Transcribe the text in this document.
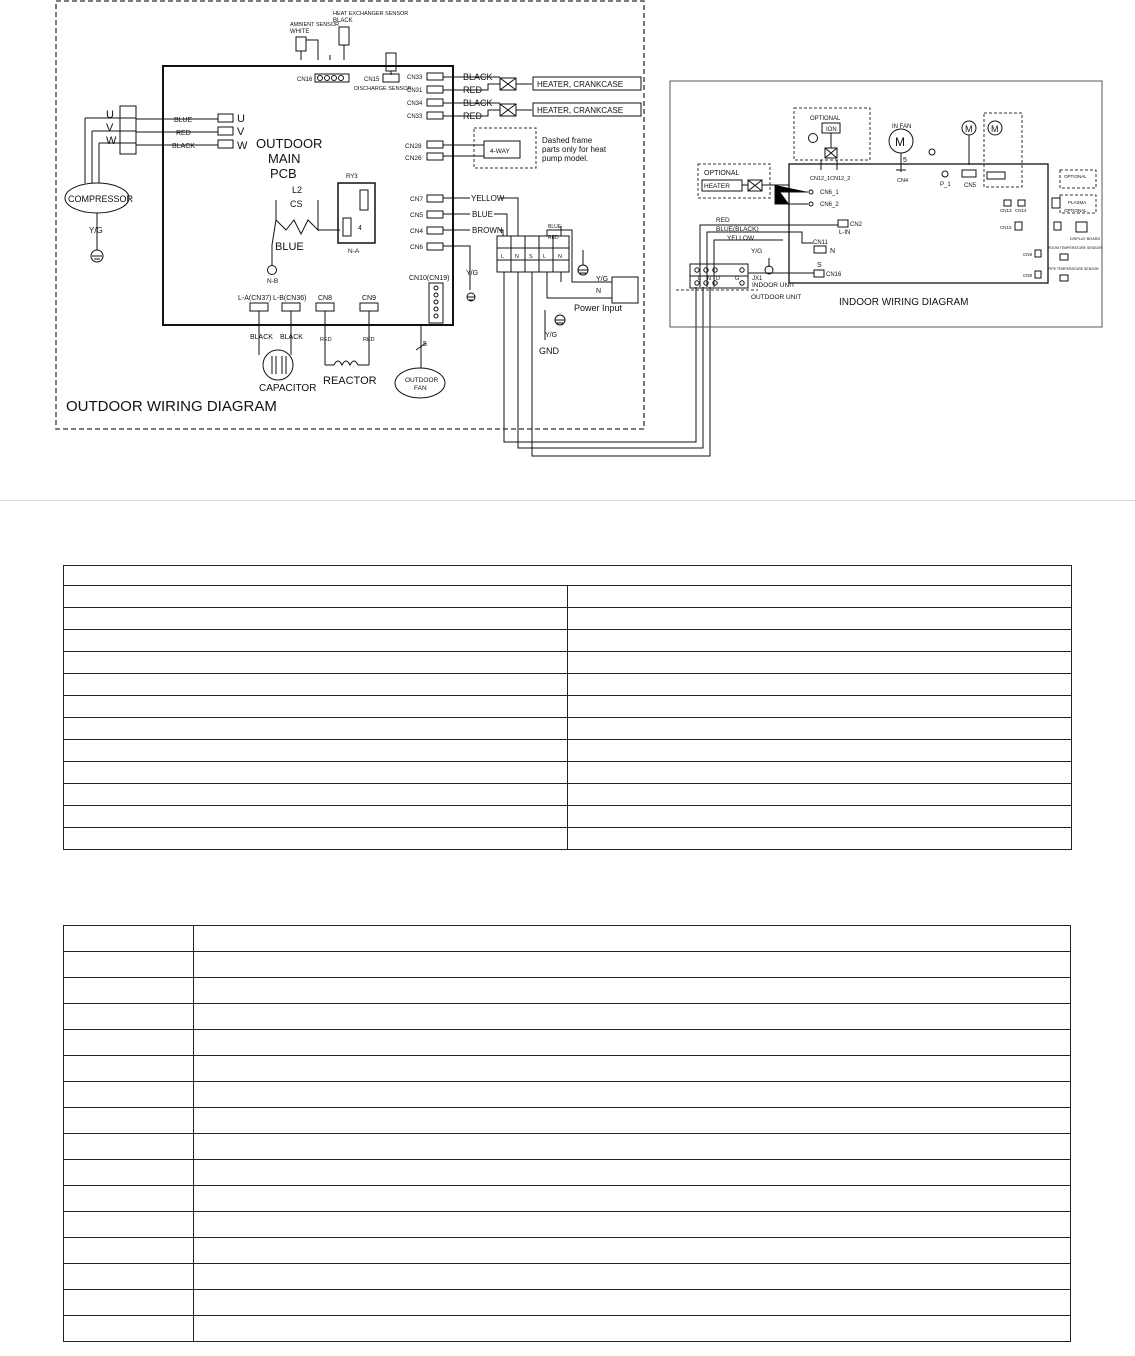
OUTDOOR
MAIN
PCB
AMBIENT SENSOR
WHITE
HEAT EXCHANGER SENSOR
BLACK
CN16	CN15
DISCHARGE SENSOR
CN33
CN31
CN34
CN33
BLACK
RED
BLACK
RED
HEATER, CRANKCASE
HEATER, CRANKCASE
CN28
CN26
4-WAY
Dashed frame
parts only for heat
pump model.
CN7
CN5
CN4
CN6
YELLOW
BLUE
BROWN
Y/G
CN10(CN19)
5
OUTDOOR
FAN
U
V
W
BLUE
RED
BLACK
U
V
W
COMPRESSOR
Y/G
L2
CS
BLUE
N-B
RY3
4
N-A
L-A(CN37) L-B(CN36) CN8	CN9
BLACK BLACK	RED	RED
CAPACITOR
REACTOR
L N S L N
BLUE
RED
Y/G
N
Power Input
Y/G
GND
OUTDOOR WIRING DIAGRAM
INDOOR WIRING DIAGRAM
OPTIONAL
HEATER
CN6_1
CN6_2
OPTIONAL
ION
CN12_1CN12_2
M
IN FAN
5
CN4
M
CN5
P_1
M
OPTIONAL
PLASMA
OPTIONAL
CN13 CN14
CN10
DISPLAY BOARD
CN9
CN8
ROOM TEMPERATURE SENSOR
PIPE TEMPERATURE SENSOR
RED
BLUE(BLACK)
YELLOW
Y/G
CN2
L-IN
CN11
N
S
CN16
L N D	G JX1
INDOOR UNIT
OUTDOOR UNIT
